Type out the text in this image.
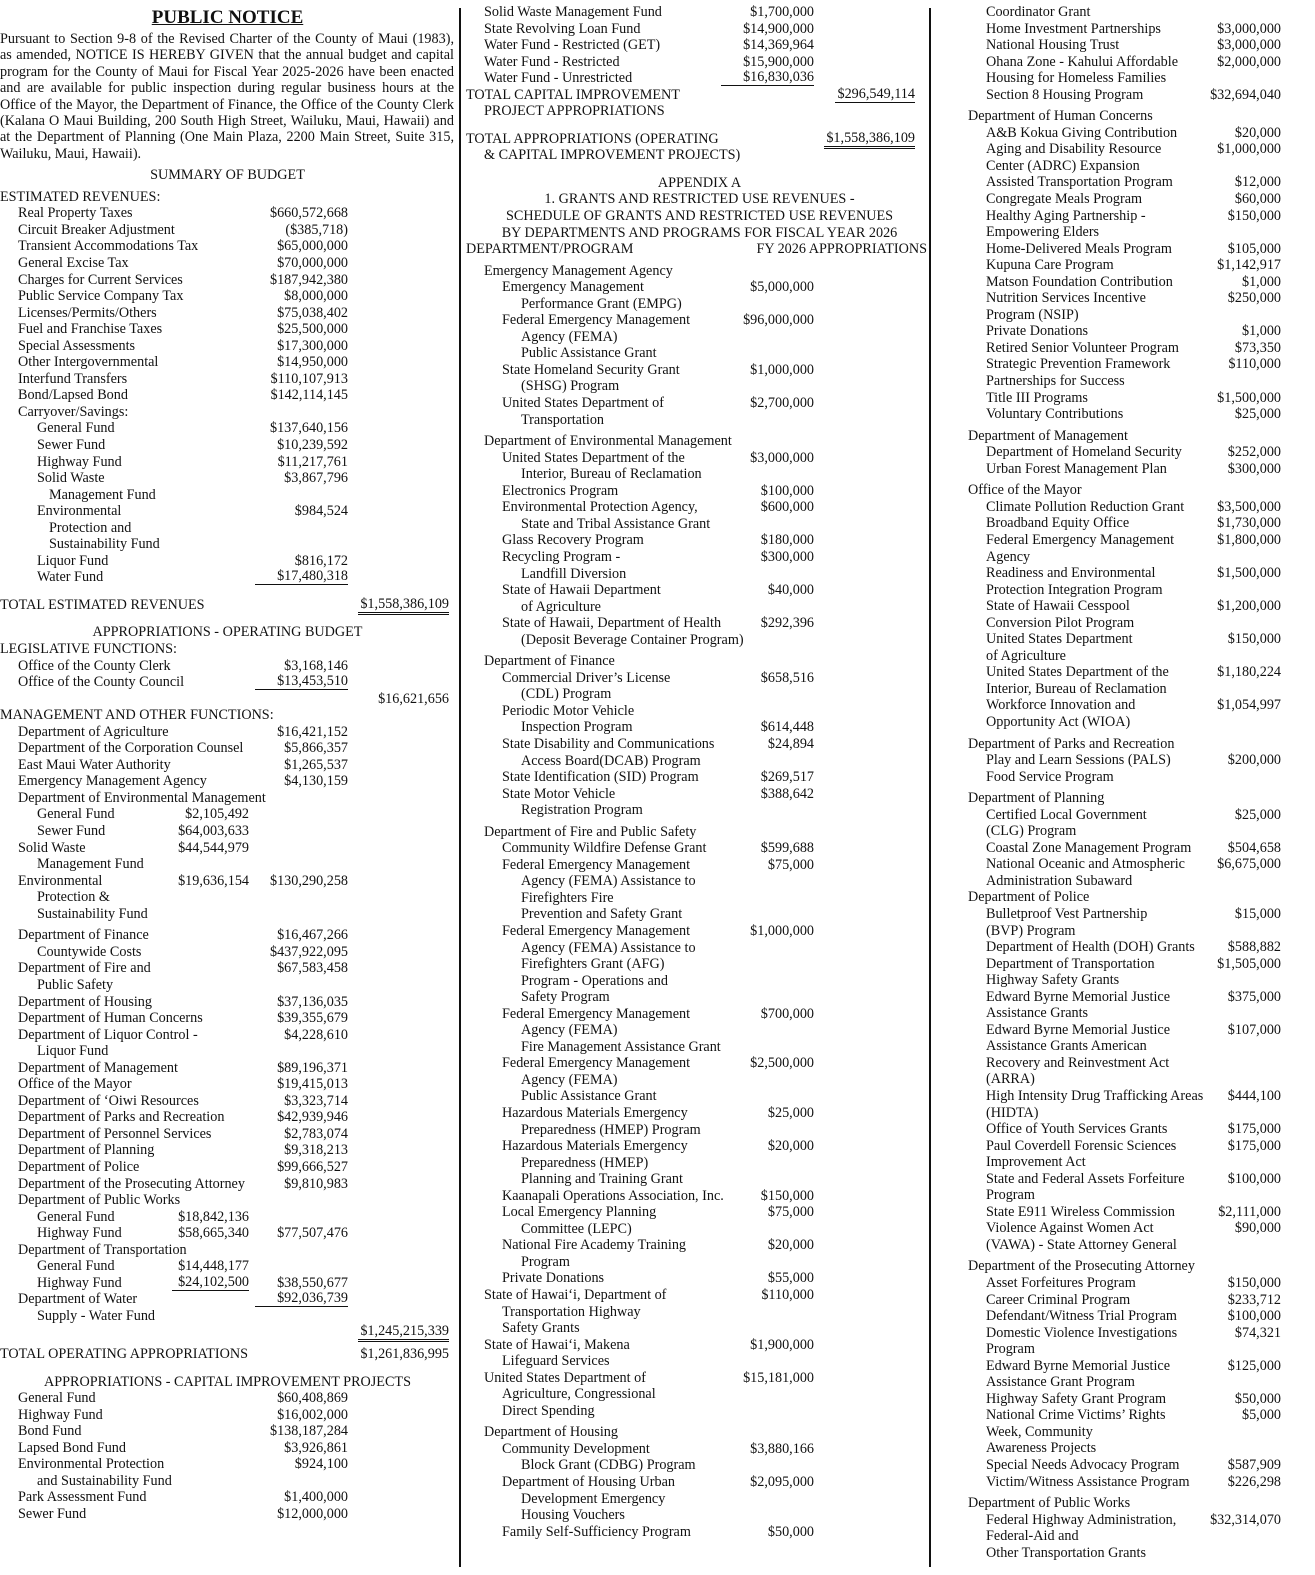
PUBLIC NOTICE
Pursuant to Section 9-8 of the Revised Charter of the County of Maui (1983), as amended, NOTICE IS HEREBY GIVEN that the annual budget and capital program for the County of Maui for Fiscal Year 2025-2026 have been enacted and are available for public inspection during regular business hours at the Office of the Mayor, the Department of Finance, the Office of the County Clerk (Kalana O Maui Building, 200 South High Street, Wailuku, Maui, Hawaii) and at the Department of Planning (One Main Plaza, 2200 Main Street, Suite 315, Wailuku, Maui, Hawaii).
SUMMARY OF BUDGET
ESTIMATED REVENUES:
Real Property Taxes	$660,572,668
Circuit Breaker Adjustment	($385,718)
Transient Accommodations Tax	$65,000,000
General Excise Tax	$70,000,000
Charges for Current Services	$187,942,380
Public Service Company Tax	$8,000,000
Licenses/Permits/Others	$75,038,402
Fuel and Franchise Taxes	$25,500,000
Special Assessments	$17,300,000
Other Intergovernmental	$14,950,000
Interfund Transfers	$110,107,913
Bond/Lapsed Bond	$142,114,145
Carryover/Savings:
General Fund	$137,640,156
Sewer Fund	$10,239,592
Highway Fund	$11,217,761
Solid Waste	$3,867,796
Management Fund
Environmental	$984,524
Protection and
Sustainability Fund
Liquor Fund	$816,172
Water Fund	$17,480,318
TOTAL ESTIMATED REVENUES	$1,558,386,109
APPROPRIATIONS - OPERATING BUDGET
LEGISLATIVE FUNCTIONS:
Office of the County Clerk	$3,168,146
Office of the County Council	$13,453,510
$16,621,656
MANAGEMENT AND OTHER FUNCTIONS:
Department of Agriculture	$16,421,152
Department of the Corporation Counsel	$5,866,357
East Maui Water Authority	$1,265,537
Emergency Management Agency	$4,130,159
Department of Environmental Management
General Fund	$2,105,492
Sewer Fund	$64,003,633
Solid Waste	$44,544,979
Management Fund
Environmental	$19,636,154 $130,290,258
Protection &
Sustainability Fund
Department of Finance	$16,467,266
Countywide Costs	$437,922,095
Department of Fire and	$67,583,458
Public Safety
Department of Housing	$37,136,035
Department of Human Concerns	$39,355,679
Department of Liquor Control -	$4,228,610
Liquor Fund
Department of Management	$89,196,371
Office of the Mayor	$19,415,013
Department of ‘Oiwi Resources	$3,323,714
Department of Parks and Recreation	$42,939,946
Department of Personnel Services	$2,783,074
Department of Planning	$9,318,213
Department of Police	$99,666,527
Department of the Prosecuting Attorney	$9,810,983
Department of Public Works
General Fund	$18,842,136
Highway Fund	$58,665,340 $77,507,476
Department of Transportation
General Fund	$14,448,177
Highway Fund	$24,102,500 $38,550,677
Department of Water	$92,036,739
Supply - Water Fund
$1,245,215,339
TOTAL OPERATING APPROPRIATIONS	$1,261,836,995
APPROPRIATIONS - CAPITAL IMPROVEMENT PROJECTS
General Fund	$60,408,869
Highway Fund	$16,002,000
Bond Fund	$138,187,284
Lapsed Bond Fund	$3,926,861
Environmental Protection	$924,100
and Sustainability Fund
Park Assessment Fund	$1,400,000
Sewer Fund	$12,000,000
Solid Waste Management Fund	$1,700,000
State Revolving Loan Fund	$14,900,000
Water Fund - Restricted (GET)	$14,369,964
Water Fund - Restricted	$15,900,000
Water Fund - Unrestricted	$16,830,036
TOTAL CAPITAL IMPROVEMENT	$296,549,114
PROJECT APPROPRIATIONS
TOTAL APPROPRIATIONS (OPERATING	$1,558,386,109
& CAPITAL IMPROVEMENT PROJECTS)
APPENDIX A
1. GRANTS AND RESTRICTED USE REVENUES -
SCHEDULE OF GRANTS AND RESTRICTED USE REVENUES
BY DEPARTMENTS AND PROGRAMS FOR FISCAL YEAR 2026
DEPARTMENT/PROGRAM	FY 2026 APPROPRIATIONS
Emergency Management Agency
Emergency Management	$5,000,000
Performance Grant (EMPG)
Federal Emergency Management	$96,000,000
Agency (FEMA)
Public Assistance Grant
State Homeland Security Grant	$1,000,000
(SHSG) Program
United States Department of	$2,700,000
Transportation
Department of Environmental Management
United States Department of the	$3,000,000
Interior, Bureau of Reclamation
Electronics Program	$100,000
Environmental Protection Agency,	$600,000
State and Tribal Assistance Grant
Glass Recovery Program	$180,000
Recycling Program -	$300,000
Landfill Diversion
State of Hawaii Department	$40,000
of Agriculture
State of Hawaii, Department of Health	$292,396
(Deposit Beverage Container Program)
Department of Finance
Commercial Driver’s License	$658,516
(CDL) Program
Periodic Motor Vehicle
Inspection Program	$614,448
State Disability and Communications	$24,894
Access Board(DCAB) Program
State Identification (SID) Program	$269,517
State Motor Vehicle	$388,642
Registration Program
Department of Fire and Public Safety
Community Wildfire Defense Grant	$599,688
Federal Emergency Management	$75,000
Agency (FEMA) Assistance to
Firefighters Fire
Prevention and Safety Grant
Federal Emergency Management	$1,000,000
Agency (FEMA) Assistance to
Firefighters Grant (AFG)
Program - Operations and
Safety Program
Federal Emergency Management	$700,000
Agency (FEMA)
Fire Management Assistance Grant
Federal Emergency Management	$2,500,000
Agency (FEMA)
Public Assistance Grant
Hazardous Materials Emergency	$25,000
Preparedness (HMEP) Program
Hazardous Materials Emergency	$20,000
Preparedness (HMEP)
Planning and Training Grant
Kaanapali Operations Association, Inc.	$150,000
Local Emergency Planning	$75,000
Committee (LEPC)
National Fire Academy Training	$20,000
Program
Private Donations	$55,000
State of Hawai‘i, Department of	$110,000
Transportation Highway
Safety Grants
State of Hawai‘i, Makena	$1,900,000
Lifeguard Services
United States Department of	$15,181,000
Agriculture, Congressional
Direct Spending
Department of Housing
Community Development	$3,880,166
Block Grant (CDBG) Program
Department of Housing Urban	$2,095,000
Development Emergency
Housing Vouchers
Family Self-Sufficiency Program	$50,000
Coordinator Grant
Home Investment Partnerships	$3,000,000
National Housing Trust	$3,000,000
Ohana Zone - Kahului Affordable	$2,000,000
Housing for Homeless Families
Section 8 Housing Program	$32,694,040
Department of Human Concerns
A&B Kokua Giving Contribution	$20,000
Aging and Disability Resource	$1,000,000
Center (ADRC) Expansion
Assisted Transportation Program	$12,000
Congregate Meals Program	$60,000
Healthy Aging Partnership -	$150,000
Empowering Elders
Home-Delivered Meals Program	$105,000
Kupuna Care Program	$1,142,917
Matson Foundation Contribution	$1,000
Nutrition Services Incentive	$250,000
Program (NSIP)
Private Donations	$1,000
Retired Senior Volunteer Program	$73,350
Strategic Prevention Framework	$110,000
Partnerships for Success
Title III Programs	$1,500,000
Voluntary Contributions	$25,000
Department of Management
Department of Homeland Security	$252,000
Urban Forest Management Plan	$300,000
Office of the Mayor
Climate Pollution Reduction Grant $3,500,000
Broadband Equity Office	$1,730,000
Federal Emergency Management	$1,800,000
Agency
Readiness and Environmental	$1,500,000
Protection Integration Program
State of Hawaii Cesspool	$1,200,000
Conversion Pilot Program
United States Department	$150,000
of Agriculture
United States Department of the	$1,180,224
Interior, Bureau of Reclamation
Workforce Innovation and	$1,054,997
Opportunity Act (WIOA)
Department of Parks and Recreation
Play and Learn Sessions (PALS)	$200,000
Food Service Program
Department of Planning
Certified Local Government	$25,000
(CLG) Program
Coastal Zone Management Program	$504,658
National Oceanic and Atmospheric $6,675,000
Administration Subaward
Department of Police
Bulletproof Vest Partnership	$15,000
(BVP) Program
Department of Health (DOH) Grants $588,882
Department of Transportation	$1,505,000
Highway Safety Grants
Edward Byrne Memorial Justice	$375,000
Assistance Grants
Edward Byrne Memorial Justice	$107,000
Assistance Grants American
Recovery and Reinvestment Act
(ARRA)
High Intensity Drug Trafficking Areas $444,100
(HIDTA)
Office of Youth Services Grants	$175,000
Paul Coverdell Forensic Sciences	$175,000
Improvement Act
State and Federal Assets Forfeiture	$100,000
Program
State E911 Wireless Commission	$2,111,000
Violence Against Women Act	$90,000
(VAWA) - State Attorney General
Department of the Prosecuting Attorney
Asset Forfeitures Program	$150,000
Career Criminal Program	$233,712
Defendant/Witness Trial Program	$100,000
Domestic Violence Investigations	$74,321
Program
Edward Byrne Memorial Justice	$125,000
Assistance Grant Program
Highway Safety Grant Program	$50,000
National Crime Victims’ Rights	$5,000
Week, Community
Awareness Projects
Special Needs Advocacy Program	$587,909
Victim/Witness Assistance Program	$226,298
Department of Public Works
Federal Highway Administration, $32,314,070
Federal-Aid and
Other Transportation Grants
